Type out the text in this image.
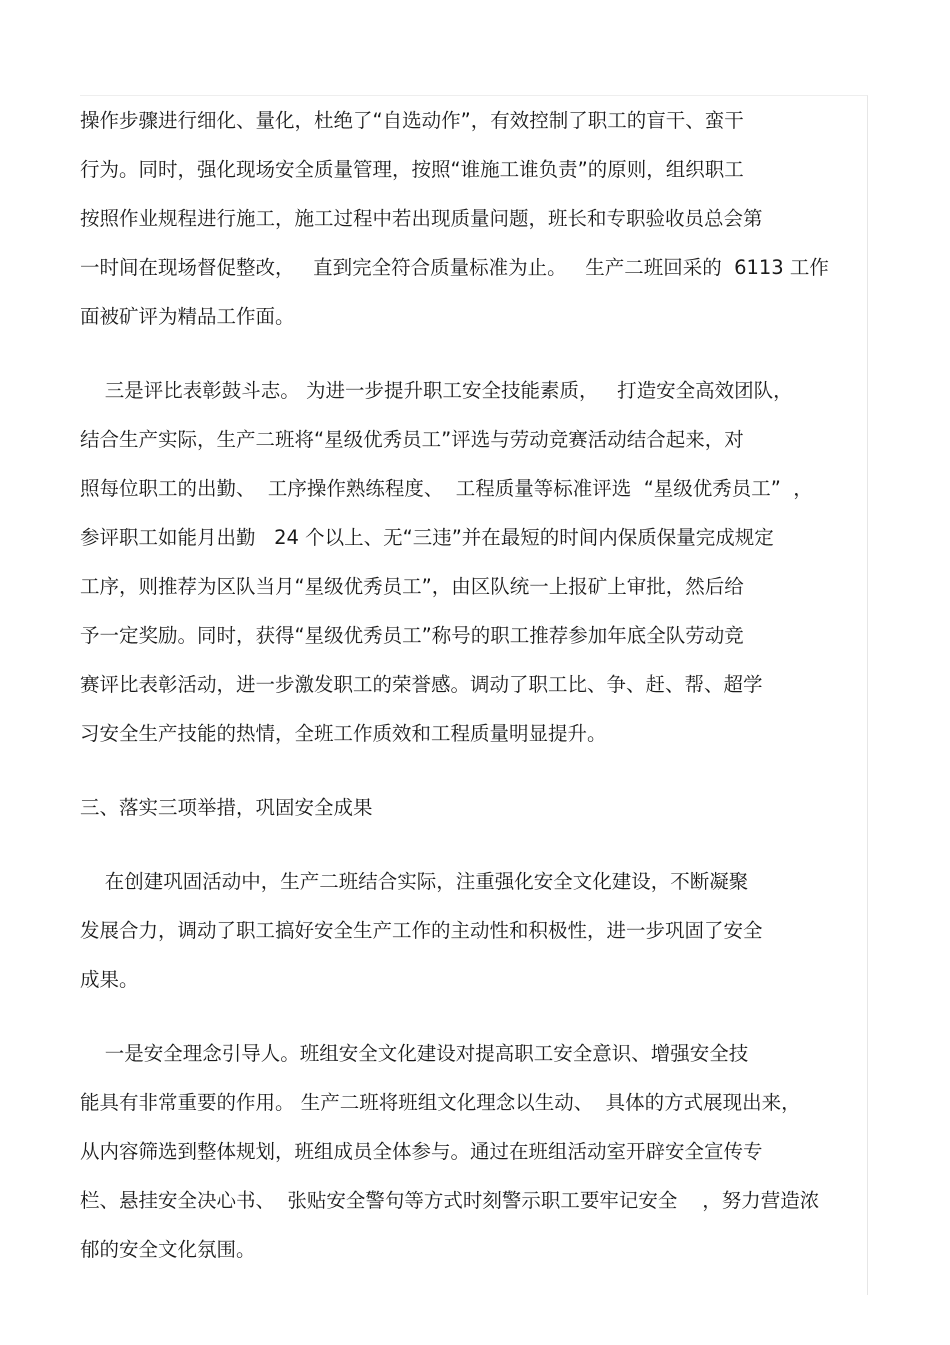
操作步骤进行细化、量化，杜绝了“自选动作”，有效控制了职工的盲干、蛮干
行为。同时，强化现场安全质量管理，按照“谁施工谁负责”的原则，组织职工
按照作业规程进行施工，施工过程中若出现质量问题，班长和专职验收员总会第
一时间在现场督促整改，   直到完全符合质量标准为止。   生产二班回采的  6113 工作
面被矿评为精品工作面。
三是评比表彰鼓斗志。 为进一步提升职工安全技能素质，   打造安全高效团队，
结合生产实际，生产二班将“星级优秀员工”评选与劳动竞赛活动结合起来，对
照每位职工的出勤、  工序操作熟练程度、  工程质量等标准评选  “星级优秀员工”  ，
参评职工如能月出勤   24 个以上、无“三违”并在最短的时间内保质保量完成规定
工序，则推荐为区队当月“星级优秀员工”，由区队统一上报矿上审批，然后给
予一定奖励。同时，获得“星级优秀员工”称号的职工推荐参加年底全队劳动竞
赛评比表彰活动，进一步激发职工的荣誉感。调动了职工比、争、赶、帮、超学
习安全生产技能的热情，全班工作质效和工程质量明显提升。
三、落实三项举措，巩固安全成果
在创建巩固活动中，生产二班结合实际，注重强化安全文化建设，不断凝聚
发展合力，调动了职工搞好安全生产工作的主动性和积极性，进一步巩固了安全
成果。
一是安全理念引导人。班组安全文化建设对提高职工安全意识、增强安全技
能具有非常重要的作用。 生产二班将班组文化理念以生动、  具体的方式展现出来，
从内容筛选到整体规划，班组成员全体参与。通过在班组活动室开辟安全宣传专
栏、悬挂安全决心书、  张贴安全警句等方式时刻警示职工要牢记安全    ，努力营造浓
郁的安全文化氛围。
